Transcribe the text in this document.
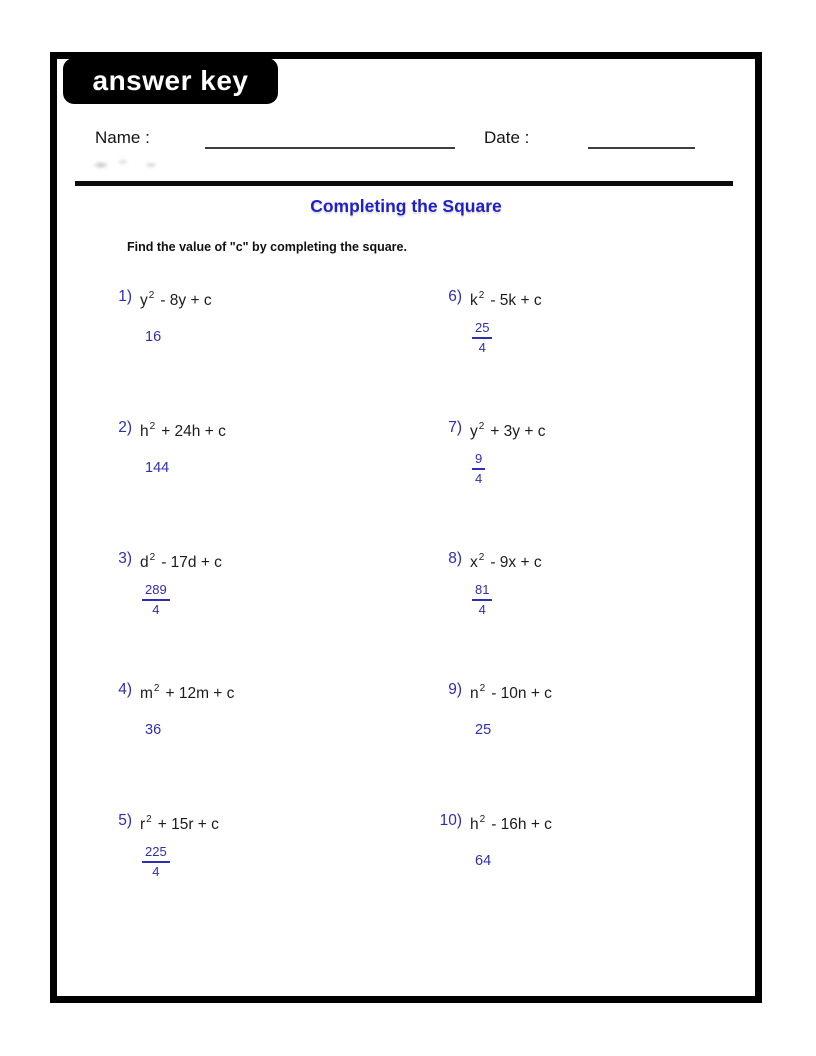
answer key
Name :	Date :
Completing the Square
Find the value of "c" by completing the square.
1) $y^2 - 8y + c$
16
2) $h^2 + 24h + c$
144
3) $d^2 - 17d + c$
$\frac{289}{4}$
4) $m^2 + 12m + c$
36
5) $r^2 + 15r + c$
$\frac{225}{4}$
6) $k^2 - 5k + c$
$\frac{25}{4}$
7) $y^2 + 3y + c$
$\frac{9}{4}$
8) $x^2 - 9x + c$
$\frac{81}{4}$
9) $n^2 - 10n + c$
25
10) $h^2 - 16h + c$
64
